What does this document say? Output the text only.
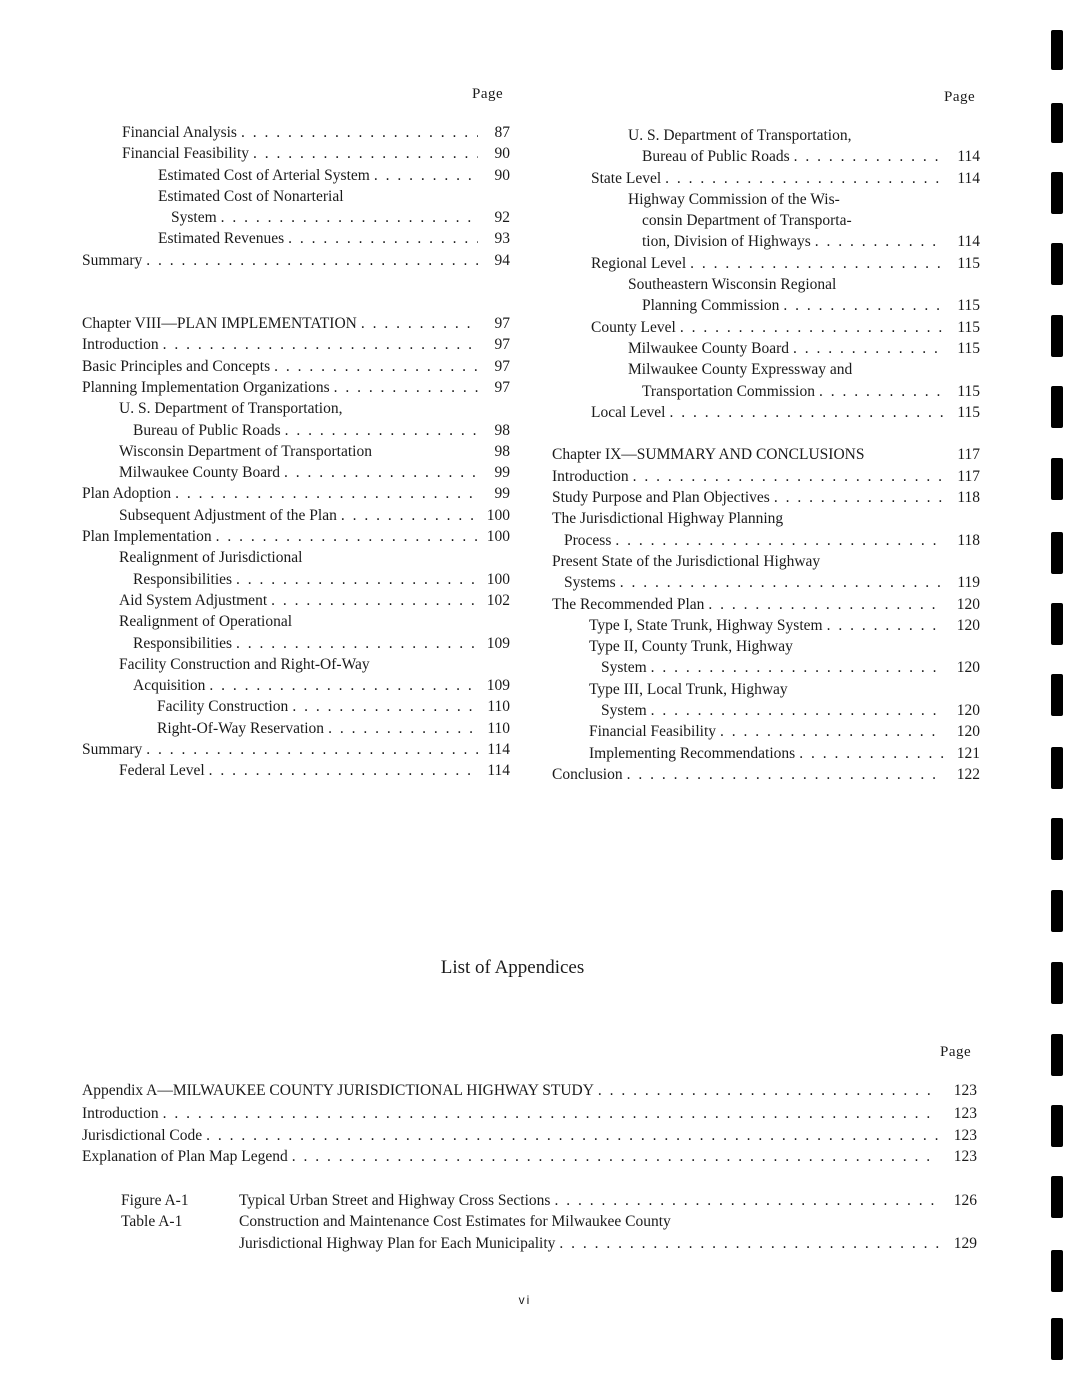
Page	Page
Financial Analysis . . .	87
Financial Feasibility . . .	90
Estimated Cost of Arterial System . . .	90
Estimated Cost of Nonarterial
System . . .	92
Estimated Revenues . . .	93
Summary . . .	94
Chapter VIII—PLAN IMPLEMENTATION . . .	97
Introduction . . .	97
Basic Principles and Concepts . . .	97
Planning Implementation Organizations . . .	97
U. S. Department of Transportation,
Bureau of Public Roads . . .	98
Wisconsin Department of Transportation	98
Milwaukee County Board . . .	99
Plan Adoption . . .	99
Subsequent Adjustment of the Plan . . .	100
Plan Implementation . . .	100
Realignment of Jurisdictional
Responsibilities . . .	100
Aid System Adjustment . . .	102
Realignment of Operational
Responsibilities . . .	109
Facility Construction and Right-Of-Way
Acquisition . . .	109
Facility Construction . . .	110
Right-Of-Way Reservation . . .	110
Summary . . .	114
Federal Level . . .	114
U. S. Department of Transportation,
Bureau of Public Roads . . .	114
State Level . . .	114
Highway Commission of the Wis-
consin Department of Transporta-
tion, Division of Highways . . .	114
Regional Level . . .	115
Southeastern Wisconsin Regional
Planning Commission . . .	115
County Level . . .	115
Milwaukee County Board . . .	115
Milwaukee County Expressway and
Transportation Commission . . .	115
Local Level . . .	115
Chapter IX—SUMMARY AND CONCLUSIONS	117
Introduction . . .	117
Study Purpose and Plan Objectives . . .	118
The Jurisdictional Highway Planning
Process . . .	118
Present State of the Jurisdictional Highway
Systems . . .	119
The Recommended Plan . . .	120
Type I, State Trunk, Highway System . . .	120
Type II, County Trunk, Highway
System . . .	120
Type III, Local Trunk, Highway
System . . .	120
Financial Feasibility . . .	120
Implementing Recommendations . . .	121
Conclusion . . .	122
List of Appendices
Page
Appendix A—MILWAUKEE COUNTY JURISDICTIONAL HIGHWAY STUDY . . .	123
Introduction . . .	123
Jurisdictional Code . . .	123
Explanation of Plan Map Legend . . .	123
Figure A-1	Typical Urban Street and Highway Cross Sections . . .	126
Table A-1	Construction and Maintenance Cost Estimates for Milwaukee County
Jurisdictional Highway Plan for Each Municipality . . .	129
vi
